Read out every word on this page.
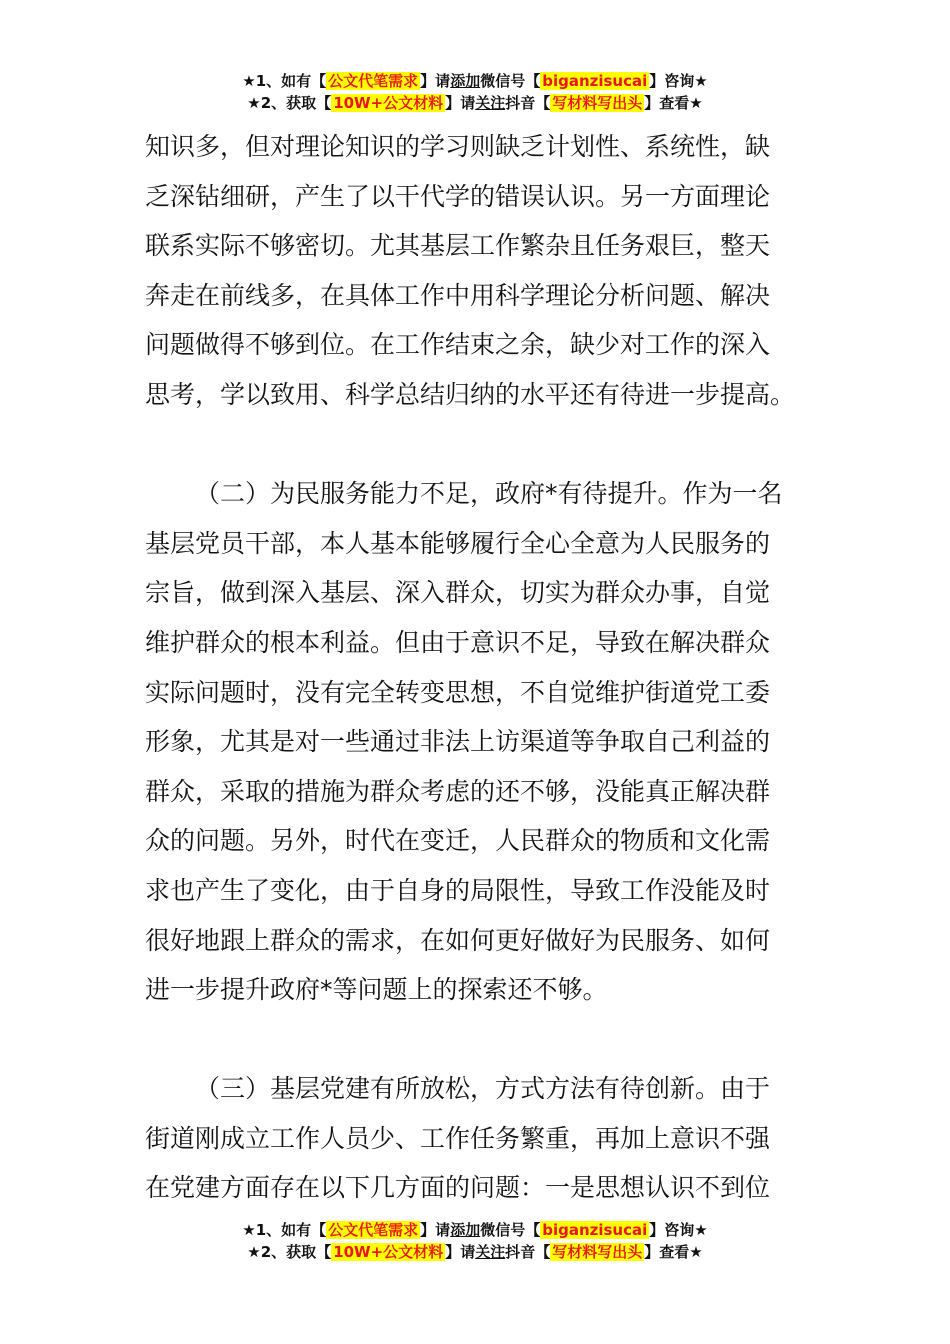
★1、如有【 公文代笔需求 】请添加微信号【 biganzisucai 】咨询★
★2、获取【 10W+公文材料 】请关注抖音【 写材料写出头 】查看★

知识多，但对理论知识的学习则缺乏计划性、系统性，缺
乏深钻细研，产生了以干代学的错误认识。另一方面理论
联系实际不够密切。尤其基层工作繁杂且任务艰巨，整天
奔走在前线多，在具体工作中用科学理论分析问题、解决
问题做得不够到位。在工作结束之余，缺少对工作的深入
思考，学以致用、科学总结归纳的水平还有待进一步提高。

（二）为民服务能力不足，政府*有待提升。作为一名
基层党员干部，本人基本能够履行全心全意为人民服务的
宗旨，做到深入基层、深入群众，切实为群众办事，自觉
维护群众的根本利益。但由于意识不足，导致在解决群众
实际问题时，没有完全转变思想，不自觉维护街道党工委
形象，尤其是对一些通过非法上访渠道等争取自己利益的
群众，采取的措施为群众考虑的还不够，没能真正解决群
众的问题。另外，时代在变迁，人民群众的物质和文化需
求也产生了变化，由于自身的局限性，导致工作没能及时
很好地跟上群众的需求，在如何更好做好为民服务、如何
进一步提升政府*等问题上的探索还不够。

（三）基层党建有所放松，方式方法有待创新。由于
街道刚成立工作人员少、工作任务繁重，再加上意识不强
在党建方面存在以下几方面的问题：一是思想认识不到位

★1、如有【 公文代笔需求 】请添加微信号【 biganzisucai 】咨询★
★2、获取【 10W+公文材料 】请关注抖音【 写材料写出头 】查看★
